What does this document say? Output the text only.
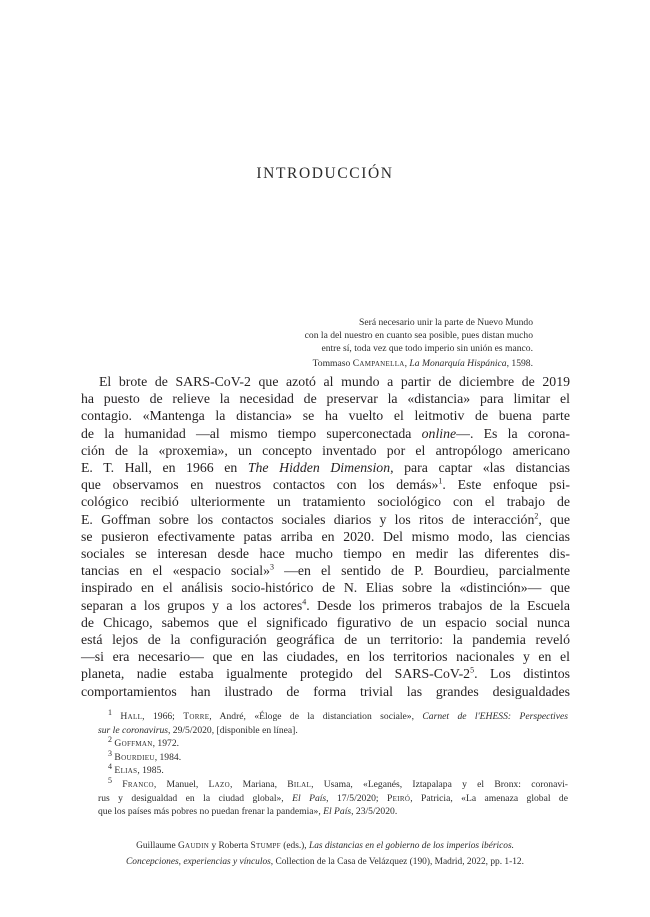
INTRODUCCIÓN
Será necesario unir la parte de Nuevo Mundo
con la del nuestro en cuanto sea posible, pues distan mucho
entre sí, toda vez que todo imperio sin unión es manco.
Tommaso Campanella, La Monarquía Hispánica, 1598.
El brote de SARS-CoV-2 que azotó al mundo a partir de diciembre de 2019
ha puesto de relieve la necesidad de preservar la «distancia» para limitar el
contagio. «Mantenga la distancia» se ha vuelto el leitmotiv de buena parte
de la humanidad —al mismo tiempo superconectada online—. Es la corona-
ción de la «proxemia», un concepto inventado por el antropólogo americano
E. T. Hall, en 1966 en The Hidden Dimension, para captar «las distancias
que observamos en nuestros contactos con los demás»$^1$. Este enfoque psi-
cológico recibió ulteriormente un tratamiento sociológico con el trabajo de
E. Goffman sobre los contactos sociales diarios y los ritos de interacción$^2$, que
se pusieron efectivamente patas arriba en 2020. Del mismo modo, las ciencias
sociales se interesan desde hace mucho tiempo en medir las diferentes dis-
tancias en el «espacio social»$^3$ —en el sentido de P. Bourdieu, parcialmente
inspirado en el análisis socio-histórico de N. Elias sobre la «distinción»— que
separan a los grupos y a los actores$^4$. Desde los primeros trabajos de la Escuela
de Chicago, sabemos que el significado figurativo de un espacio social nunca
está lejos de la configuración geográfica de un territorio: la pandemia reveló
—si era necesario— que en las ciudades, en los territorios nacionales y en el
planeta, nadie estaba igualmente protegido del SARS-$CoV-2^5$. Los distintos
comportamientos han ilustrado de forma trivial las grandes desigualdades
$^1$ Hall, 1966; Torre, André, «Éloge de la distanciation sociale», Carnet de l'EHESS: Perspectives
sur le coronavirus, 29/5/2020, [disponible en línea].
$^2$ Goffman, 1972.
$^3$ Bourdieu, 1984.
$^4$ Elias, 1985.
$^5$ Franco, Manuel, Lazo, Mariana, Bilal, Usama, «Leganés, Iztapalapa y el Bronx: coronavi-
rus y desigualdad en la ciudad global», El País, 17/5/2020; Peiró, Patricia, «La amenaza global de
que los países más pobres no puedan frenar la pandemia», El País, 23/5/2020.
Guillaume Gaudin y Roberta Stumpf (eds.), Las distancias en el gobierno de los imperios ibéricos.
Concepciones, experiencias y vínculos, Collection de la Casa de Velázquez (190), Madrid, 2022, pp. 1-12.
